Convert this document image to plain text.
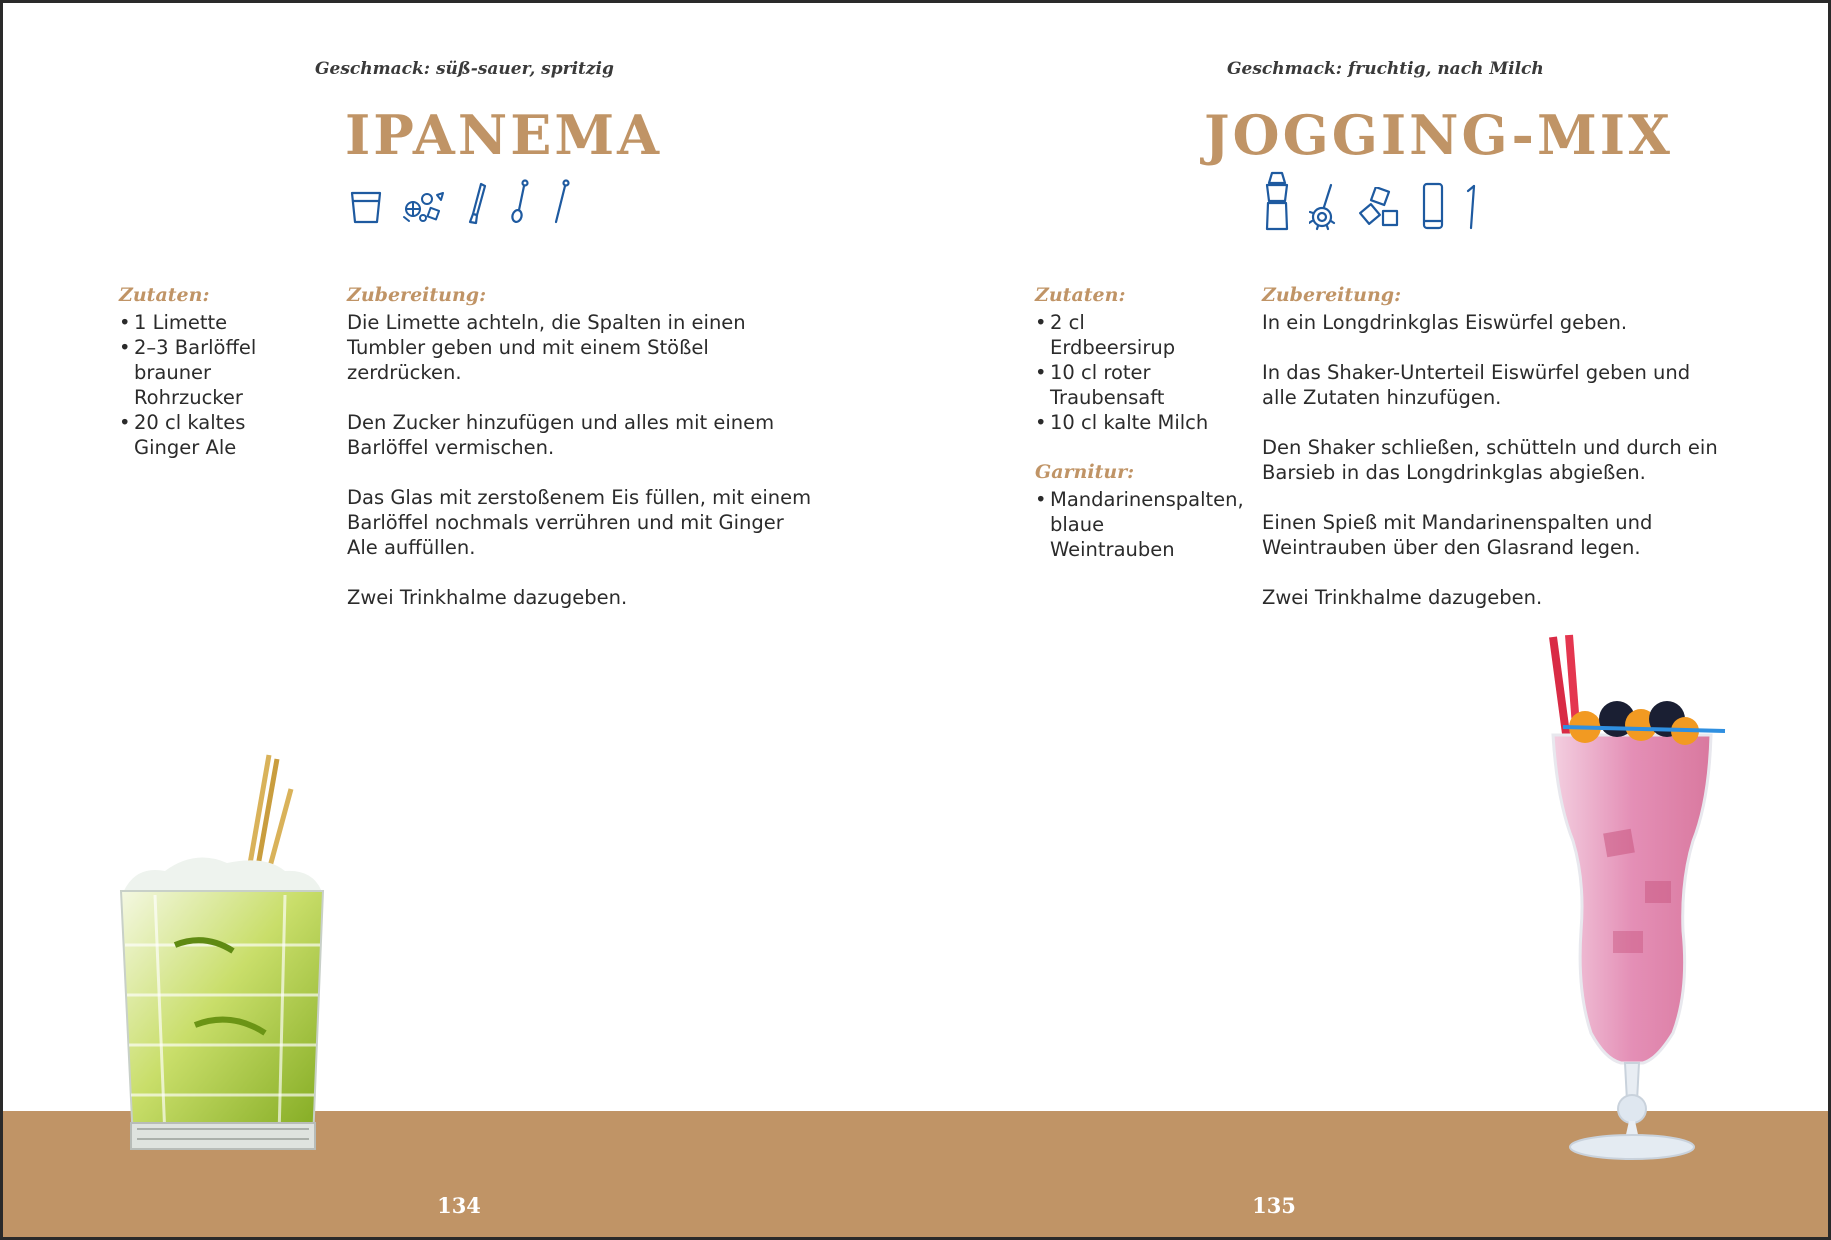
Geschmack: süß-sauer, spritzig
IPANEMA
Zutaten:
• 1 Limette
• 2–3 Barlöffel brauner Rohrzucker
• 20 cl kaltes Ginger Ale
Zubereitung:

Die Limette achteln, die Spalten in einen Tumbler geben und mit einem Stößel zerdrücken.

Den Zucker hinzufügen und alles mit einem Barlöffel vermischen.

Das Glas mit zerstoßenem Eis füllen, mit einem Barlöffel nochmals verrühren und mit Ginger Ale auffüllen.

Zwei Trinkhalme dazugeben.

134
Geschmack: fruchtig, nach Milch
JOGGING-MIX
Zutaten:
• 2 cl Erdbeersirup
• 10 cl roter Traubensaft
• 10 cl kalte Milch
Garnitur:
• Mandarinenspalten, blaue Weintrauben
Zubereitung:

In ein Longdrinkglas Eiswürfel geben.

In das Shaker-Unterteil Eiswürfel geben und alle Zutaten hinzufügen.

Den Shaker schließen, schütteln und durch ein Barsieb in das Longdrinkglas abgießen.

Einen Spieß mit Mandarinenspalten und Weintrauben über den Glasrand legen.

Zwei Trinkhalme dazugeben.

135
